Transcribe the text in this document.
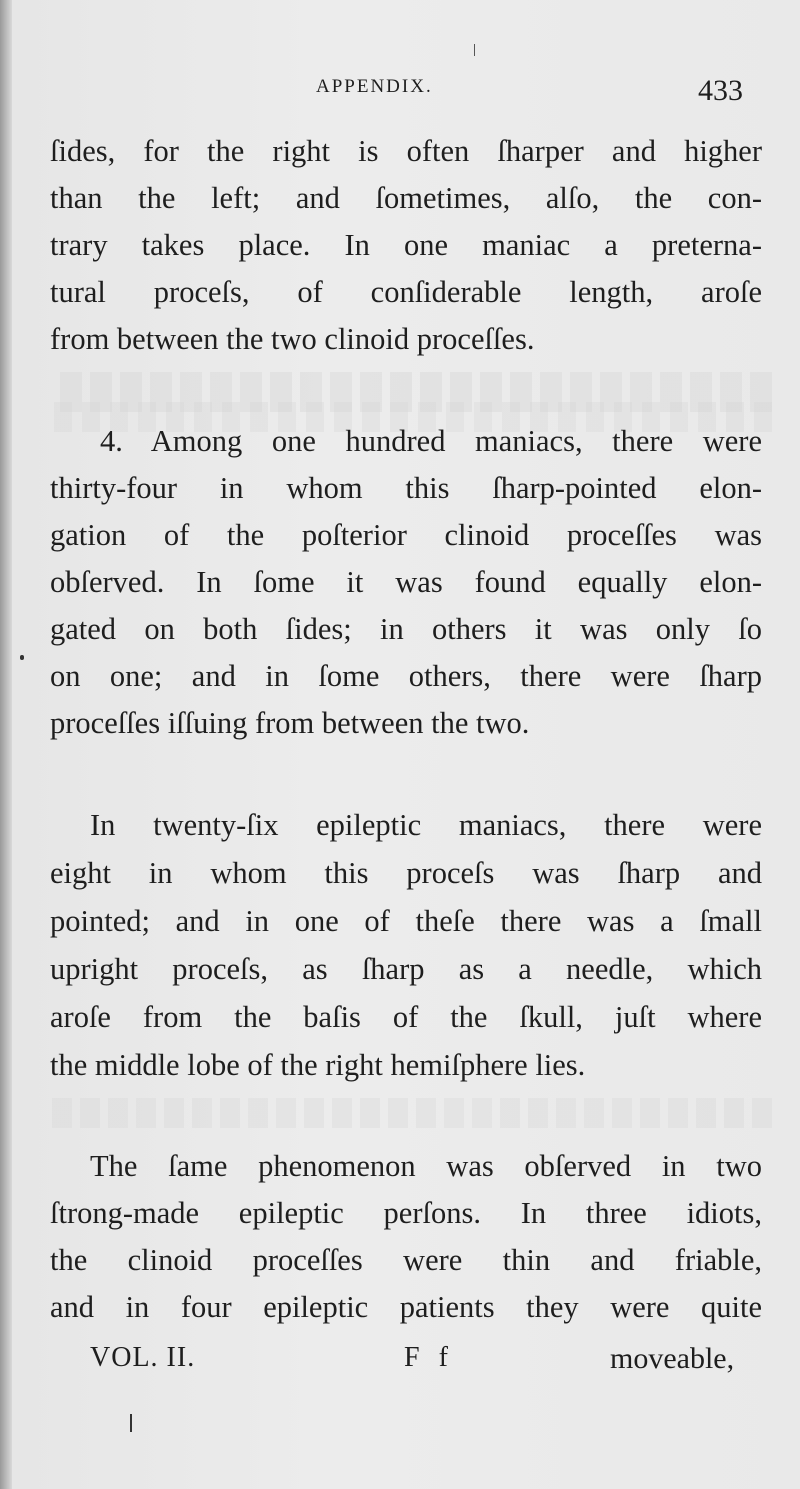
APPENDIX.	433
ſides, for the right is often ſharper and higher
than the left; and ſometimes, alſo, the con-
trary takes place. In one maniac a preterna-
tural proceſs, of conſiderable length, aroſe
from between the two clinoid proceſſes.
4. Among one hundred maniacs, there were
thirty-four in whom this ſharp-pointed elon-
gation of the poſterior clinoid proceſſes was
obſerved. In ſome it was found equally elon-
gated on both ſides; in others it was only ſo
on one; and in ſome others, there were ſharp
proceſſes iſſuing from between the two.
In twenty-ſix epileptic maniacs, there were
eight in whom this proceſs was ſharp and
pointed; and in one of theſe there was a ſmall
upright proceſs, as ſharp as a needle, which
aroſe from the baſis of the ſkull, juſt where
the middle lobe of the right hemiſphere lies.
The ſame phenomenon was obſerved in two
ſtrong-made epileptic perſons. In three idiots,
the clinoid proceſſes were thin and friable,
and in four epileptic patients they were quite
VOL. II.	F f	moveable,
